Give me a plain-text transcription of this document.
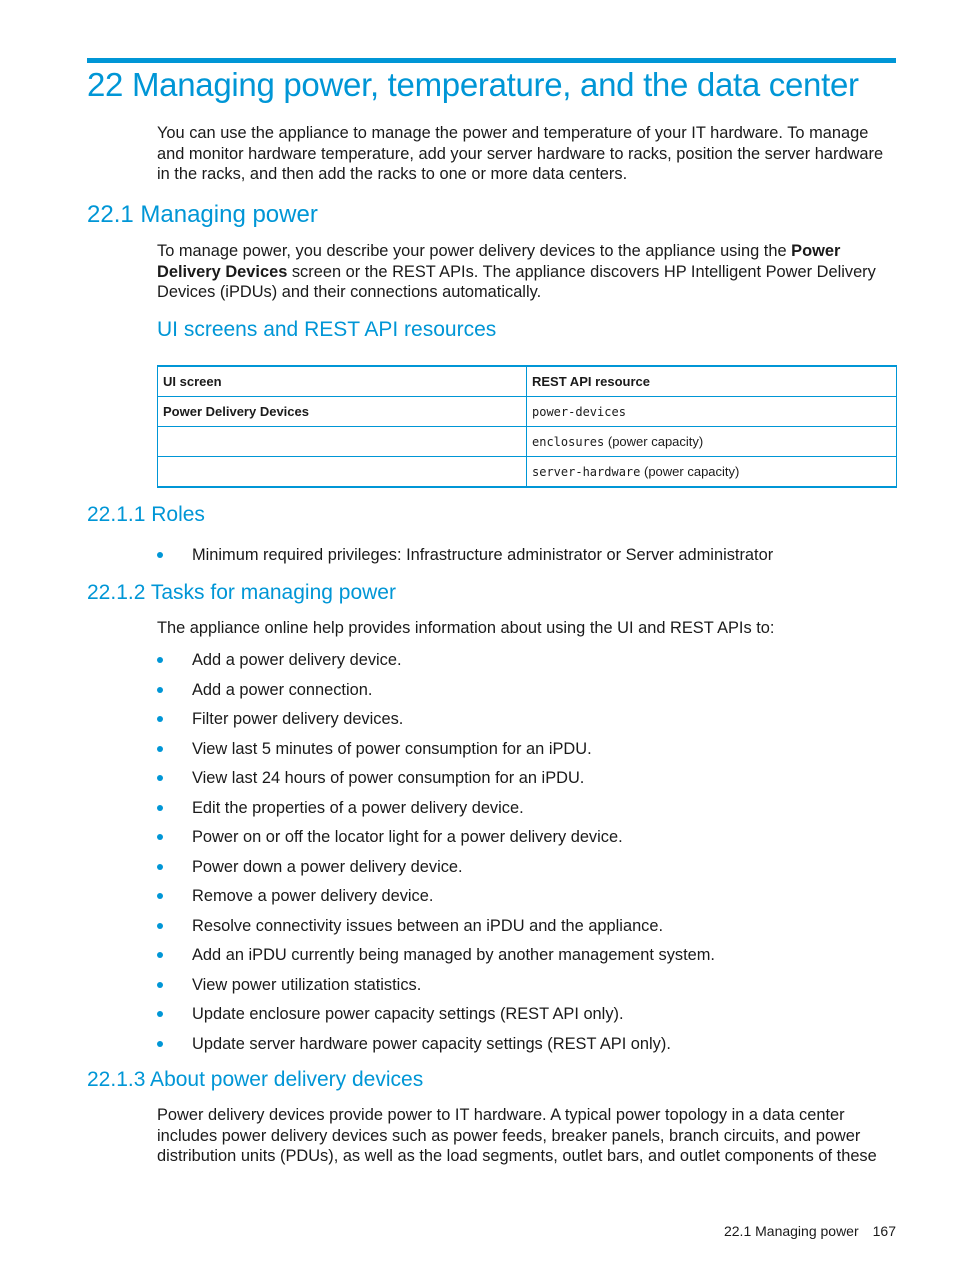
22 Managing power, temperature, and the data center

You can use the appliance to manage the power and temperature of your IT hardware. To manage and monitor hardware temperature, add your server hardware to racks, position the server hardware in the racks, and then add the racks to one or more data centers.

22.1 Managing power

To manage power, you describe your power delivery devices to the appliance using the Power Delivery Devices screen or the REST APIs. The appliance discovers HP Intelligent Power Delivery Devices (iPDUs) and their connections automatically.

UI screens and REST API resources
UI screen	REST API resource
Power Delivery Devices	power-devices
	enclosures (power capacity)
	server-hardware (power capacity)
22.1.1 Roles
Minimum required privileges: Infrastructure administrator or Server administrator
22.1.2 Tasks for managing power

The appliance online help provides information about using the UI and REST APIs to:

Add a power delivery device.
Add a power connection.
Filter power delivery devices.
View last 5 minutes of power consumption for an iPDU.
View last 24 hours of power consumption for an iPDU.
Edit the properties of a power delivery device.
Power on or off the locator light for a power delivery device.
Power down a power delivery device.
Remove a power delivery device.
Resolve connectivity issues between an iPDU and the appliance.
Add an iPDU currently being managed by another management system.
View power utilization statistics.
Update enclosure power capacity settings (REST API only).
Update server hardware power capacity settings (REST API only).
22.1.3 About power delivery devices

Power delivery devices provide power to IT hardware. A typical power topology in a data center includes power delivery devices such as power feeds, breaker panels, branch circuits, and power distribution units (PDUs), as well as the load segments, outlet bars, and outlet components of these

22.1 Managing power 167
